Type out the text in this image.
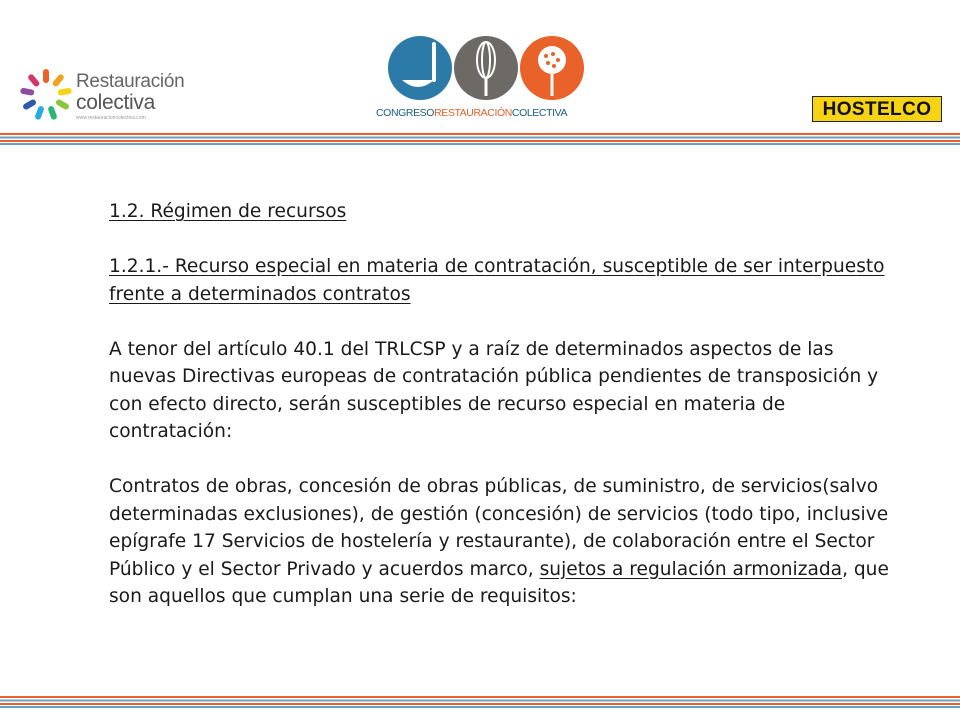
Restauración
colectiva
www.restauracioncolectiva.com	CONGRESORESTAURACIÓNCOLECTIVA	HOSTELCO

1.2. Régimen de recursos

1.2.1.- Recurso especial en materia de contratación, susceptible de ser interpuesto frente a determinados contratos

A tenor del artículo 40.1 del TRLCSP y a raíz de determinados aspectos de las nuevas Directivas europeas de contratación pública pendientes de transposición y con efecto directo, serán susceptibles de recurso especial en materia de contratación:

Contratos de obras, concesión de obras públicas, de suministro, de servicios(salvo determinadas exclusiones), de gestión (concesión) de servicios (todo tipo, inclusive epígrafe 17 Servicios de hostelería y restaurante), de colaboración entre el Sector Público y el Sector Privado y acuerdos marco, sujetos a regulación armonizada, que son aquellos que cumplan una serie de requisitos:
